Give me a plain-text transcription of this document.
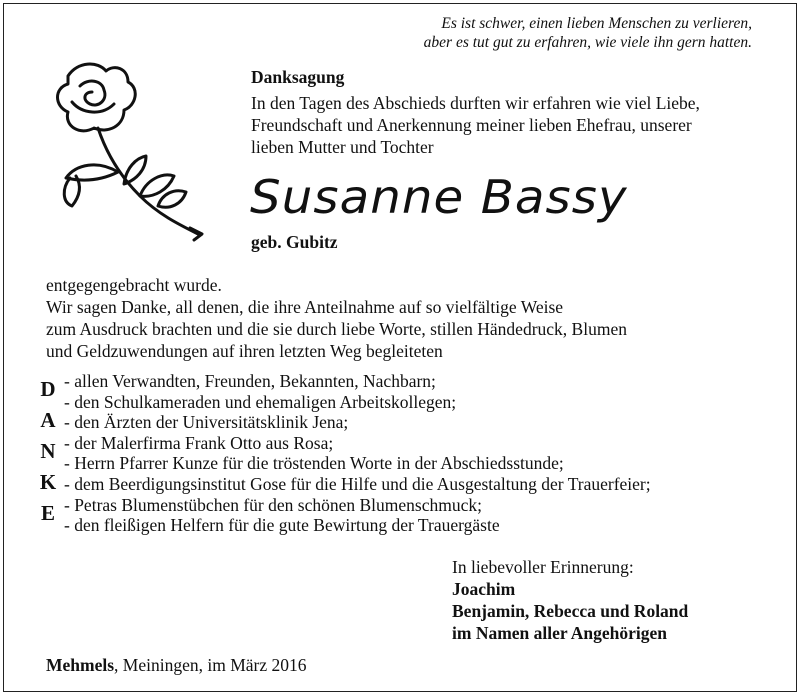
Es ist schwer, einen lieben Menschen zu verlieren,
aber es tut gut zu erfahren, wie viele ihn gern hatten.
Danksagung
In den Tagen des Abschieds durften wir erfahren wie viel Liebe,
Freundschaft und Anerkennung meiner lieben Ehefrau, unserer
lieben Mutter und Tochter
Susanne Bassy
geb. Gubitz
entgegengebracht wurde.
Wir sagen Danke, all denen, die ihre Anteilnahme auf so vielfältige Weise
zum Ausdruck brachten und die sie durch liebe Worte, stillen Händedruck, Blumen
und Geldzuwendungen auf ihren letzten Weg begleiteten
D
A
N
K
E
- allen Verwandten, Freunden, Bekannten, Nachbarn;
- den Schulkameraden und ehemaligen Arbeitskollegen;
- den Ärzten der Universitätsklinik Jena;
- der Malerfirma Frank Otto aus Rosa;
- Herrn Pfarrer Kunze für die tröstenden Worte in der Abschiedsstunde;
- dem Beerdigungsinstitut Gose für die Hilfe und die Ausgestaltung der Trauerfeier;
- Petras Blumenstübchen für den schönen Blumenschmuck;
- den fleißigen Helfern für die gute Bewirtung der Trauergäste
In liebevoller Erinnerung:
Joachim
Benjamin, Rebecca und Roland
im Namen aller Angehörigen
Mehmels, Meiningen, im März 2016
